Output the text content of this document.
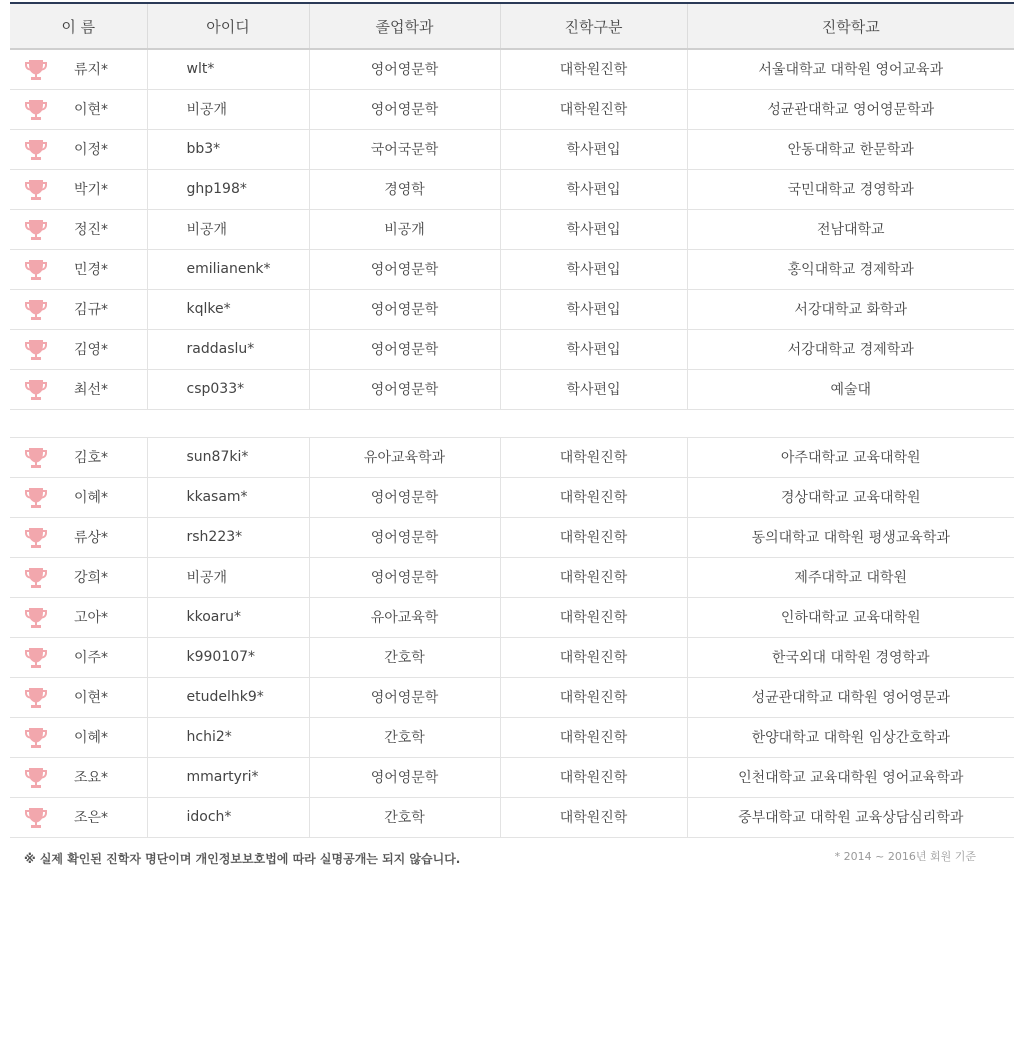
이 름	아이디	졸업학과	진학구분	진학학교

류지*	wlt*	영어영문학	대학원진학	서울대학교 대학원 영어교육과

이현*	비공개	영어영문학	대학원진학	성균관대학교 영어영문학과

이정*	bb3*	국어국문학	학사편입	안동대학교 한문학과

박기*	ghp198*	경영학	학사편입	국민대학교 경영학과

정진*	비공개	비공개	학사편입	전남대학교

민경*	emilianenk*	영어영문학	학사편입	홍익대학교 경제학과

김규*	kqlke*	영어영문학	학사편입	서강대학교 화학과

김영*	raddaslu*	영어영문학	학사편입	서강대학교 경제학과

최선*	csp033*	영어영문학	학사편입	예술대

김호*	sun87ki*	유아교육학과	대학원진학	아주대학교 교육대학원

이혜*	kkasam*	영어영문학	대학원진학	경상대학교 교육대학원

류상*	rsh223*	영어영문학	대학원진학	동의대학교 대학원 평생교육학과

강희*	비공개	영어영문학	대학원진학	제주대학교 대학원

고아*	kkoaru*	유아교육학	대학원진학	인하대학교 교육대학원

이주*	k990107*	간호학	대학원진학	한국외대 대학원 경영학과

이현*	etudelhk9*	영어영문학	대학원진학	성균관대학교 대학원 영어영문과

이혜*	hchi2*	간호학	대학원진학	한양대학교 대학원 임상간호학과

조요*	mmartyri*	영어영문학	대학원진학	인천대학교 교육대학원 영어교육학과

조은*	idoch*	간호학	대학원진학	중부대학교 대학원 교육상담심리학과
※ 실제 확인된 진학자 명단이며 개인정보보호법에 따라 실명공개는 되지 않습니다.	* 2014 ~ 2016년 회원 기준
